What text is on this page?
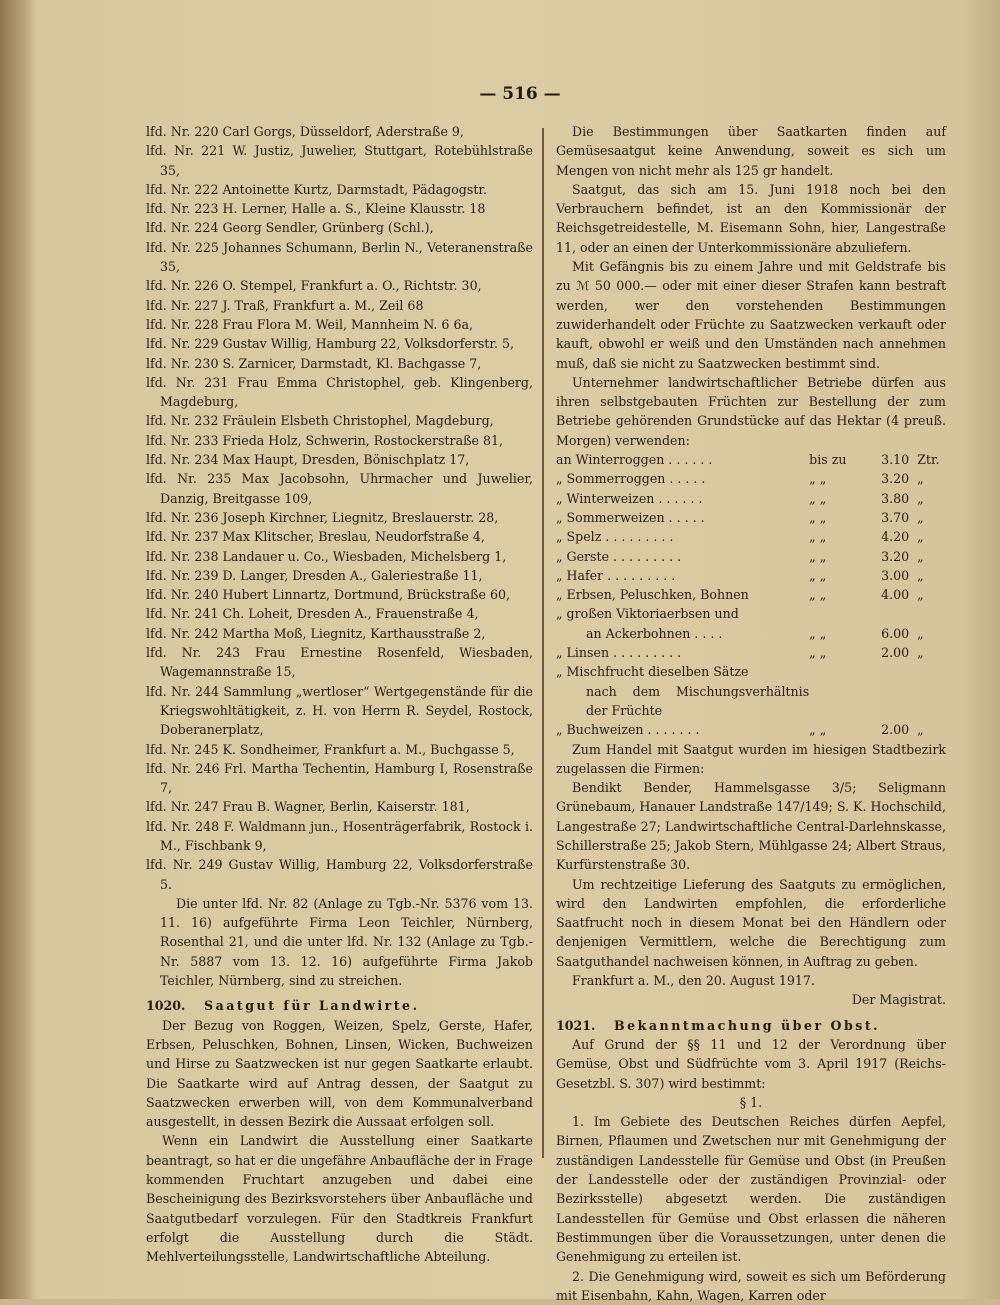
— 516 —

lfd. Nr. 220 Carl Gorgs, Düsseldorf, Aderstraße 9,

lfd. Nr. 221 W. Justiz, Juwelier, Stuttgart, Rotebühlstraße 35,

lfd. Nr. 222 Antoinette Kurtz, Darmstadt, Pädagogstr.

lfd. Nr. 223 H. Lerner, Halle a. S., Kleine Klausstr. 18

lfd. Nr. 224 Georg Sendler, Grünberg (Schl.),

lfd. Nr. 225 Johannes Schumann, Berlin N., Veteranenstraße 35,

lfd. Nr. 226 O. Stempel, Frankfurt a. O., Richtstr. 30,

lfd. Nr. 227 J. Traß, Frankfurt a. M., Zeil 68

lfd. Nr. 228 Frau Flora M. Weil, Mannheim N. 6 6a,

lfd. Nr. 229 Gustav Willig, Hamburg 22, Volksdorferstr. 5,

lfd. Nr. 230 S. Zarnicer, Darmstadt, Kl. Bachgasse 7,

lfd. Nr. 231 Frau Emma Christophel, geb. Klingenberg, Magdeburg,

lfd. Nr. 232 Fräulein Elsbeth Christophel, Magdeburg,

lfd. Nr. 233 Frieda Holz, Schwerin, Rostockerstraße 81,

lfd. Nr. 234 Max Haupt, Dresden, Bönischplatz 17,

lfd. Nr. 235 Max Jacobsohn, Uhrmacher und Juwelier, Danzig, Breitgasse 109,

lfd. Nr. 236 Joseph Kirchner, Liegnitz, Breslauerstr. 28,

lfd. Nr. 237 Max Klitscher, Breslau, Neudorfstraße 4,

lfd. Nr. 238 Landauer u. Co., Wiesbaden, Michelsberg 1,

lfd. Nr. 239 D. Langer, Dresden A., Galeriestraße 11,

lfd. Nr. 240 Hubert Linnartz, Dortmund, Brückstraße 60,

lfd. Nr. 241 Ch. Loheit, Dresden A., Frauenstraße 4,

lfd. Nr. 242 Martha Moß, Liegnitz, Karthausstraße 2,

lfd. Nr. 243 Frau Ernestine Rosenfeld, Wiesbaden, Wagemannstraße 15,

lfd. Nr. 244 Sammlung „wertloser“ Wertgegenstände für die Kriegswohltätigkeit, z. H. von Herrn R. Seydel, Rostock, Doberanerplatz,

lfd. Nr. 245 K. Sondheimer, Frankfurt a. M., Buchgasse 5,

lfd. Nr. 246 Frl. Martha Techentin, Hamburg I, Rosenstraße 7,

lfd. Nr. 247 Frau B. Wagner, Berlin, Kaiserstr. 181,

lfd. Nr. 248 F. Waldmann jun., Hosenträgerfabrik, Rostock i. M., Fischbank 9,

lfd. Nr. 249 Gustav Willig, Hamburg 22, Volksdorferstraße 5.

Die unter lfd. Nr. 82 (Anlage zu Tgb.-Nr. 5376 vom 13. 11. 16) aufgeführte Firma Leon Teichler, Nürnberg, Rosenthal 21, und die unter lfd. Nr. 132 (Anlage zu Tgb.-Nr. 5887 vom 13. 12. 16) aufgeführte Firma Jakob Teichler, Nürnberg, sind zu streichen.

1020. Saatgut für Landwirte.

Der Bezug von Roggen, Weizen, Spelz, Gerste, Hafer, Erbsen, Peluschken, Bohnen, Linsen, Wicken, Buchweizen und Hirse zu Saatzwecken ist nur gegen Saatkarte erlaubt. Die Saatkarte wird auf Antrag dessen, der Saatgut zu Saatzwecken erwerben will, von dem Kommunalverband ausgestellt, in dessen Bezirk die Aussaat erfolgen soll.

Wenn ein Landwirt die Ausstellung einer Saatkarte beantragt, so hat er die ungefähre Anbaufläche der in Frage kommenden Fruchtart anzugeben und dabei eine Bescheinigung des Bezirksvorstehers über Anbaufläche und Saatgutbedarf vorzulegen. Für den Stadtkreis Frankfurt erfolgt die Ausstellung durch die Städt. Mehlverteilungsstelle, Landwirtschaftliche Abteilung.

Die Bestimmungen über Saatkarten finden auf Gemüsesaatgut keine Anwendung, soweit es sich um Mengen von nicht mehr als 125 gr handelt.

Saatgut, das sich am 15. Juni 1918 noch bei den Verbrauchern befindet, ist an den Kommissionär der Reichsgetreidestelle, M. Eisemann Sohn, hier, Langestraße 11, oder an einen der Unterkommissionäre abzuliefern.

Mit Gefängnis bis zu einem Jahre und mit Geldstrafe bis zu ℳ 50 000.— oder mit einer dieser Strafen kann bestraft werden, wer den vorstehenden Bestimmungen zuwiderhandelt oder Früchte zu Saatzwecken verkauft oder kauft, obwohl er weiß und den Umständen nach annehmen muß, daß sie nicht zu Saatzwecken bestimmt sind.

Unternehmer landwirtschaftlicher Betriebe dürfen aus ihren selbstgebauten Früchten zur Bestellung der zum Betriebe gehörenden Grundstücke auf das Hektar (4 preuß. Morgen) verwenden:

an Winterroggen . . . . . .	bis zu	3.10	Ztr.
„ Sommerroggen . . . . .	„ „	3.20	„
„ Winterweizen . . . . . .	„ „	3.80	„
„ Sommerweizen . . . . .	„ „	3.70	„
„ Spelz . . . . . . . . .	„ „	4.20	„
„ Gerste . . . . . . . . .	„ „	3.20	„
„ Hafer . . . . . . . . .	„ „	3.00	„
„ Erbsen, Peluschken, Bohnen	„ „	4.00	„
„ großen Viktoriaerbsen und			
an Ackerbohnen . . . .	„ „	6.00	„
„ Linsen . . . . . . . . .	„ „	2.00	„
„ Mischfrucht dieselben Sätze			
nach dem Mischungsverhältnis der Früchte			
„ Buchweizen . . . . . . .	„ „	2.00	„

Zum Handel mit Saatgut wurden im hiesigen Stadtbezirk zugelassen die Firmen:

Bendikt Bender, Hammelsgasse 3/5; Seligmann Grünebaum, Hanauer Landstraße 147/149; S. K. Hochschild, Langestraße 27; Landwirtschaftliche Central-Darlehnskasse, Schillerstraße 25; Jakob Stern, Mühlgasse 24; Albert Straus, Kurfürstenstraße 30.

Um rechtzeitige Lieferung des Saatguts zu ermöglichen, wird den Landwirten empfohlen, die erforderliche Saatfrucht noch in diesem Monat bei den Händlern oder denjenigen Vermittlern, welche die Berechtigung zum Saatguthandel nachweisen können, in Auftrag zu geben.

Frankfurt a. M., den 20. August 1917.

Der Magistrat.

1021. Bekanntmachung über Obst.

Auf Grund der §§ 11 und 12 der Verordnung über Gemüse, Obst und Südfrüchte vom 3. April 1917 (Reichs-Gesetzbl. S. 307) wird bestimmt:

§ 1.

1. Im Gebiete des Deutschen Reiches dürfen Aepfel, Birnen, Pflaumen und Zwetschen nur mit Genehmigung der zuständigen Landesstelle für Gemüse und Obst (in Preußen der Landesstelle oder der zuständigen Provinzial- oder Bezirksstelle) abgesetzt werden. Die zuständigen Landesstellen für Gemüse und Obst erlassen die näheren Bestimmungen über die Voraussetzungen, unter denen die Genehmigung zu erteilen ist.

2. Die Genehmigung wird, soweit es sich um Beförderung mit Eisenbahn, Kahn, Wagen, Karren oder
